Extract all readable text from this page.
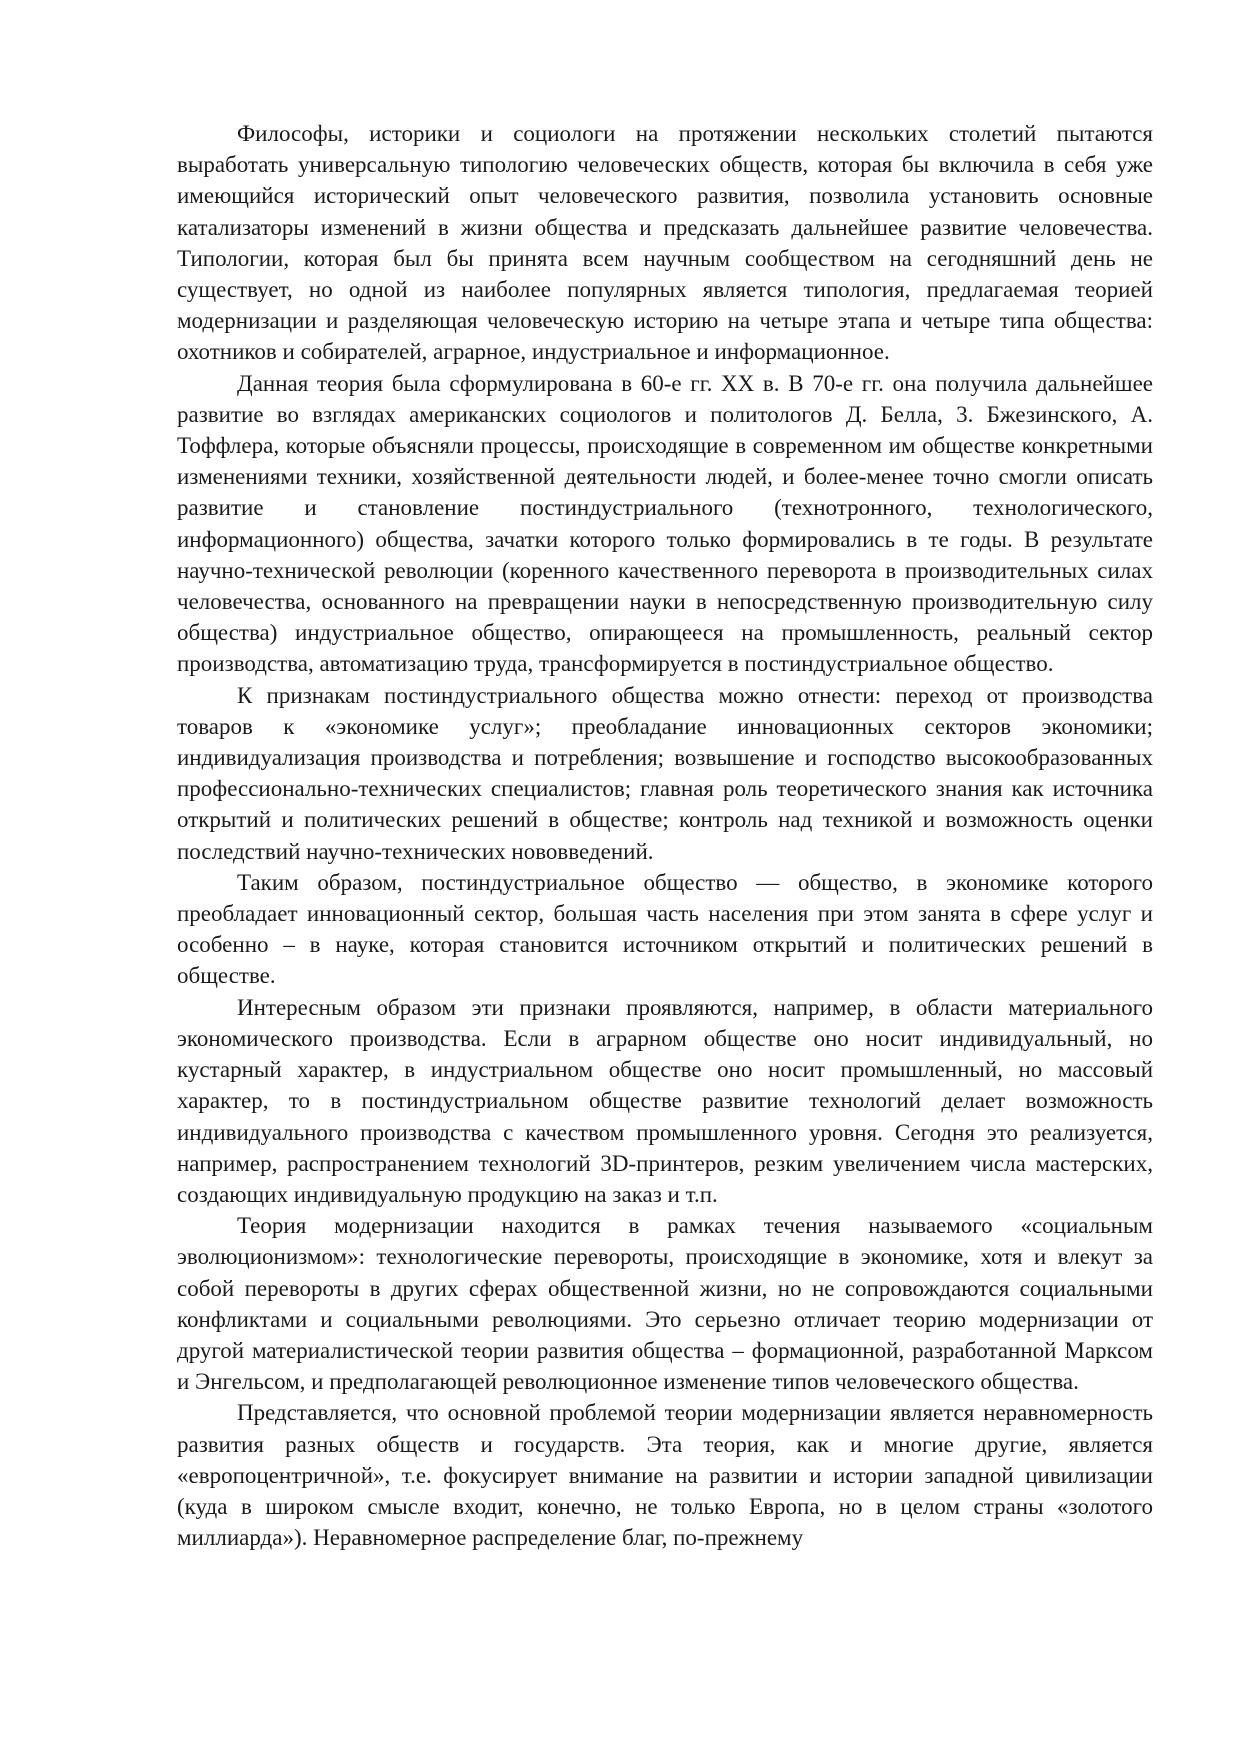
Философы, историки и социологи на протяжении нескольких столетий пытаются выработать универсальную типологию человеческих обществ, которая бы включила в себя уже имеющийся исторический опыт человеческого развития, позволила установить основные катализаторы изменений в жизни общества и предсказать дальнейшее развитие человечества. Типологии, которая был бы принята всем научным сообществом на сегодняшний день не существует, но одной из наиболее популярных является типология, предлагаемая теорией модернизации и разделяющая человеческую историю на четыре этапа и четыре типа общества: охотников и собирателей, аграрное, индустриальное и информационное.

Данная теория была сформулирована в 60-е гг. XX в. В 70-е гг. она получила дальнейшее развитие во взглядах американских социологов и политологов Д. Белла, 3. Бжезинского, А. Тоффлера, которые объясняли процессы, происходящие в современном им обществе конкретными изменениями техники, хозяйственной деятельности людей, и более-менее точно смогли описать развитие и становление постиндустриального (технотронного, технологического, информационного) общества, зачатки которого только формировались в те годы. В результате научно-технической революции (коренного качественного переворота в производительных силах человечества, основанного на превращении науки в непосредственную производительную силу общества) индустриальное общество, опирающееся на промышленность, реальный сектор производства, автоматизацию труда, трансформируется в постиндустриальное общество.

К признакам постиндустриального общества можно отнести: переход от производства товаров к «экономике услуг»; преобладание инновационных секторов экономики; индивидуализация производства и потребления; возвышение и господство высокообразованных профессионально-технических специалистов; главная роль теоретического знания как источника открытий и политических решений в обществе; контроль над техникой и возможность оценки последствий научно-технических нововведений.

Таким образом, постиндустриальное общество — общество, в экономике которого преобладает инновационный сектор, большая часть населения при этом занята в сфере услуг и особенно – в науке, которая становится источником открытий и политических решений в обществе.

Интересным образом эти признаки проявляются, например, в области материального экономического производства. Если в аграрном обществе оно носит индивидуальный, но кустарный характер, в индустриальном обществе оно носит промышленный, но массовый характер, то в постиндустриальном обществе развитие технологий делает возможность индивидуального производства с качеством промышленного уровня. Сегодня это реализуется, например, распространением технологий 3D-принтеров, резким увеличением числа мастерских, создающих индивидуальную продукцию на заказ и т.п.

Теория модернизации находится в рамках течения называемого «социальным эволюционизмом»: технологические перевороты, происходящие в экономике, хотя и влекут за собой перевороты в других сферах общественной жизни, но не сопровождаются социальными конфликтами и социальными революциями. Это серьезно отличает теорию модернизации от другой материалистической теории развития общества – формационной, разработанной Марксом и Энгельсом, и предполагающей революционное изменение типов человеческого общества.

Представляется, что основной проблемой теории модернизации является неравномерность развития разных обществ и государств. Эта теория, как и многие другие, является «европоцентричной», т.е. фокусирует внимание на развитии и истории западной цивилизации (куда в широком смысле входит, конечно, не только Европа, но в целом страны «золотого миллиарда»). Неравномерное распределение благ, по-прежнему
